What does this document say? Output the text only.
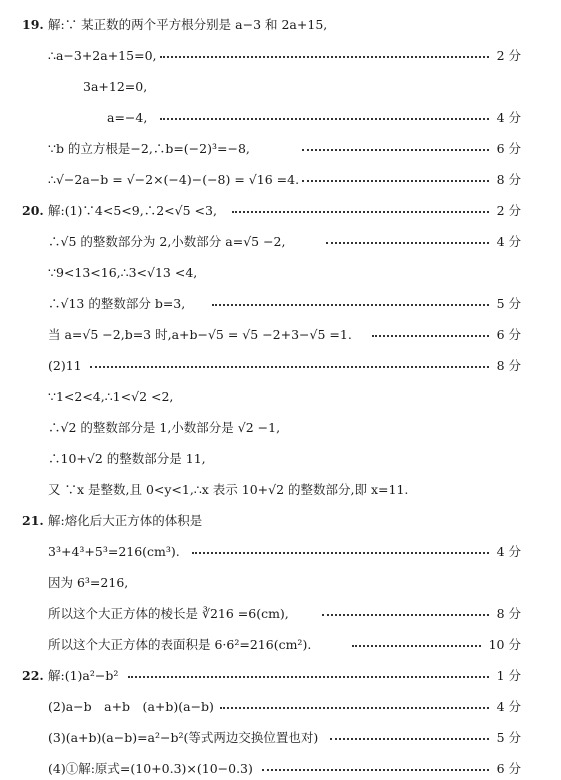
19. 解:∵ 某正数的两个平方根分别是 a−3 和 2a+15,
∴a−3+2a+15=0,	2 分
3a+12=0,
a=−4,	4 分
∵b 的立方根是−2,∴b=(−2)³=−8,	6 分
∴√−2a−b = √−2×(−4)−(−8) = √16 =4.	8 分
20. 解:(1)∵4<5<9,∴2<√5 <3,	2 分
∴√5 的整数部分为 2,小数部分 a=√5 −2,	4 分
∵9<13<16,∴3<√13 <4,
∴√13 的整数部分 b=3,	5 分
当 a=√5 −2,b=3 时,a+b−√5 = √5 −2+3−√5 =1.	6 分
(2)11	8 分
∵1<2<4,∴1<√2 <2,
∴√2 的整数部分是 1,小数部分是 √2 −1,
∴10+√2 的整数部分是 11,
又 ∵x 是整数,且 0<y<1,∴x 表示 10+√2 的整数部分,即 x=11.
21. 解:熔化后大正方体的体积是
3³+4³+5³=216(cm³).	4 分
因为 6³=216,
所以这个大正方体的棱长是 ∛216 =6(cm),	8 分
所以这个大正方体的表面积是 6·6²=216(cm²).	10 分
22. 解:(1)a²−b²	1 分
(2)a−b　a+b　(a+b)(a−b)	4 分
(3)(a+b)(a−b)=a²−b²(等式两边交换位置也对)	5 分
(4)①解:原式=(10+0.3)×(10−0.3)	6 分
